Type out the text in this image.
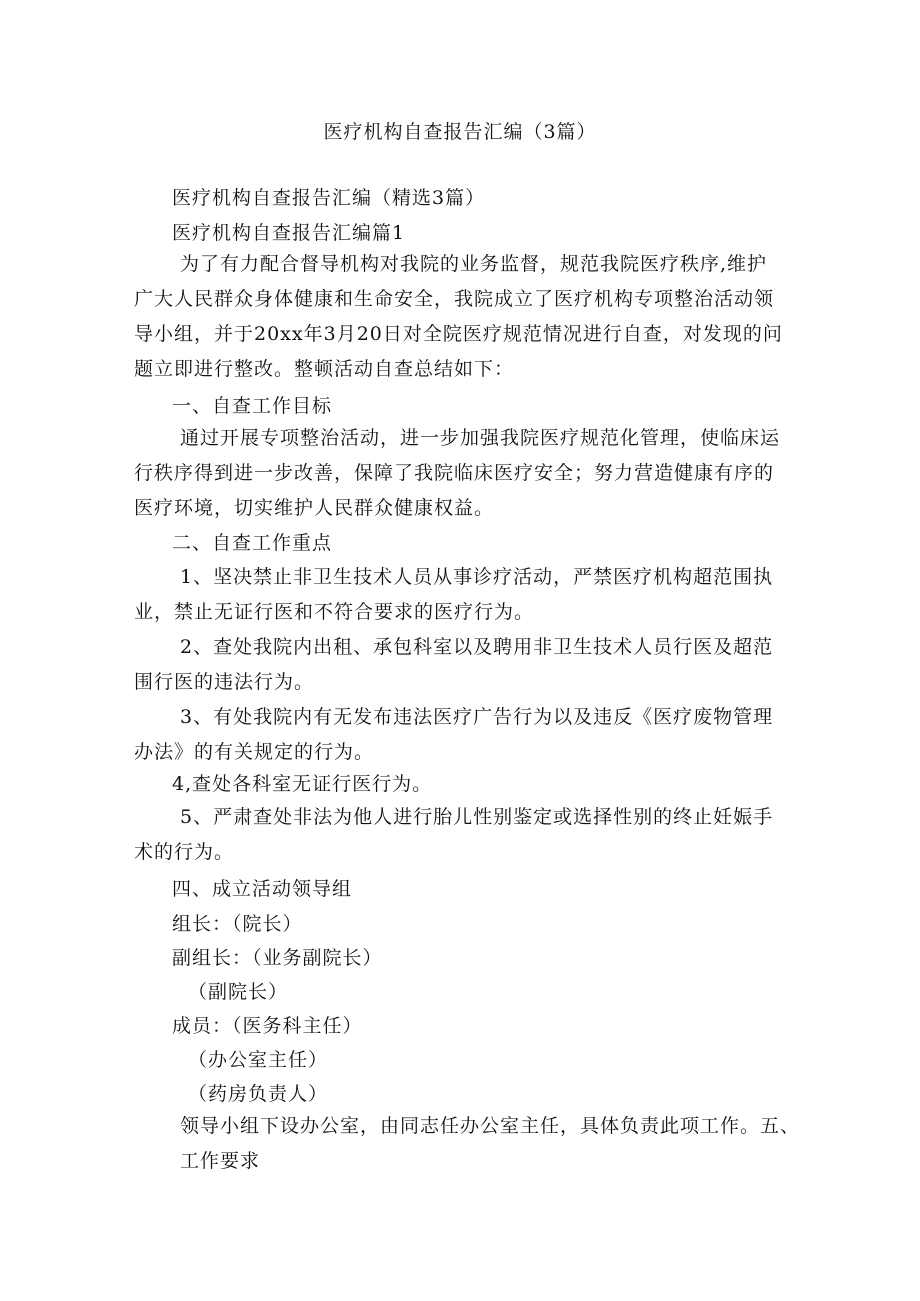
医疗机构自查报告汇编（3篇）
医疗机构自查报告汇编（精选3篇）
医疗机构自查报告汇编篇1
为了有力配合督导机构对我院的业务监督，规范我院医疗秩序,维护
广大人民群众身体健康和生命安全，我院成立了医疗机构专项整治活动领
导小组，并于20xx年3月20日对全院医疗规范情况进行自查，对发现的问
题立即进行整改。整顿活动自查总结如下：
一、自查工作目标
通过开展专项整治活动，进一步加强我院医疗规范化管理，使临床运
行秩序得到进一步改善，保障了我院临床医疗安全；努力营造健康有序的
医疗环境，切实维护人民群众健康权益。
二、自查工作重点
1、坚决禁止非卫生技术人员从事诊疗活动，严禁医疗机构超范围执
业，禁止无证行医和不符合要求的医疗行为。
2、查处我院内出租、承包科室以及聘用非卫生技术人员行医及超范
围行医的违法行为。
3、有处我院内有无发布违法医疗广告行为以及违反《医疗废物管理
办法》的有关规定的行为。
4,查处各科室无证行医行为。
5、严肃查处非法为他人进行胎儿性别鉴定或选择性别的终止妊娠手
术的行为。
四、成立活动领导组
组长：（院长）
副组长：（业务副院长）
（副院长）
成员：（医务科主任）
（办公室主任）
（药房负责人）
领导小组下设办公室，由同志任办公室主任，具体负责此项工作。五、
工作要求
